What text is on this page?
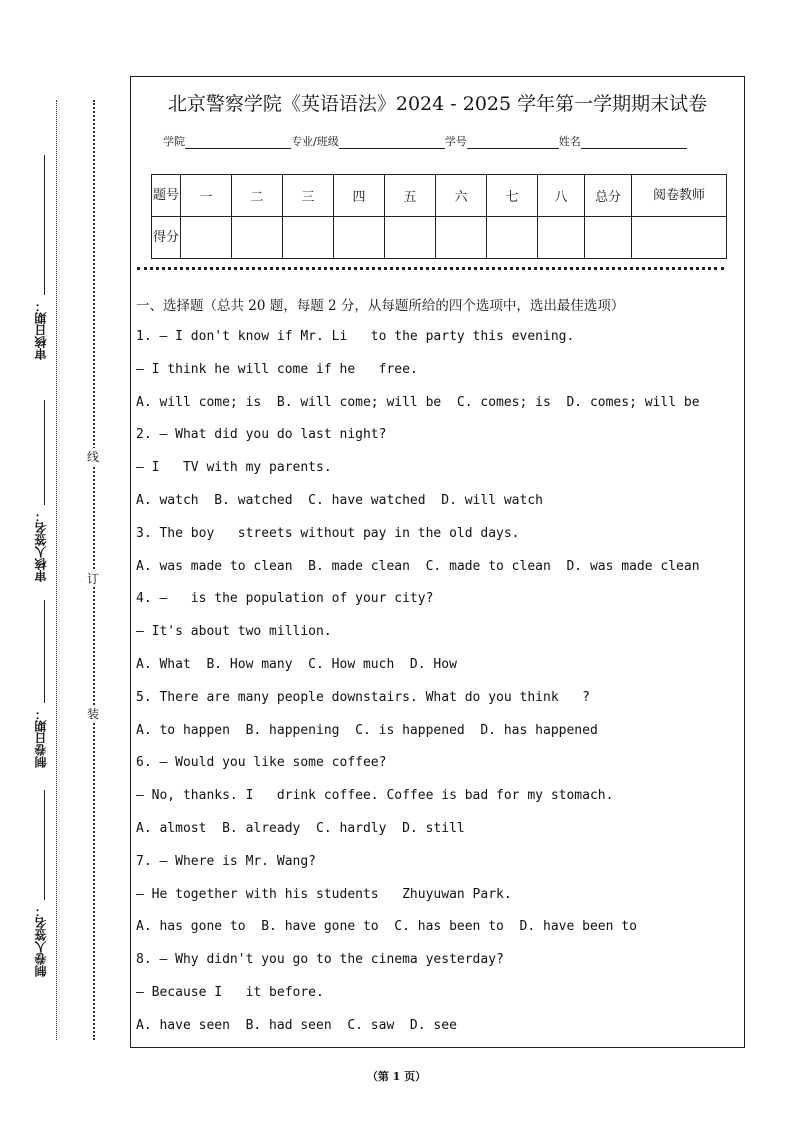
审核日期：
审核人签名：
制卷日期：
制卷人签名：
线
订
装
北京警察学院《英语语法》2024 - 2025 学年第一学期期末试卷
学院	专业/班级	学号	姓名
题号	一	二	三	四	五	六	七	八	总分	阅卷教师
得分										
一、选择题（总共 20 题，每题 2 分，从每题所给的四个选项中，选出最佳选项）
1. — I don't know if Mr. Li   to the party this evening.
— I think he will come if he   free.
A. will come; is  B. will come; will be  C. comes; is  D. comes; will be
2. — What did you do last night?
— I   TV with my parents.
A. watch  B. watched  C. have watched  D. will watch
3. The boy   streets without pay in the old days.
A. was made to clean  B. made clean  C. made to clean  D. was made clean
4. —   is the population of your city?
— It's about two million.
A. What  B. How many  C. How much  D. How
5. There are many people downstairs. What do you think   ?
A. to happen  B. happening  C. is happened  D. has happened
6. — Would you like some coffee?
— No, thanks. I   drink coffee. Coffee is bad for my stomach.
A. almost  B. already  C. hardly  D. still
7. — Where is Mr. Wang?
— He together with his students   Zhuyuwan Park.
A. has gone to  B. have gone to  C. has been to  D. have been to
8. — Why didn't you go to the cinema yesterday?
— Because I   it before.
A. have seen  B. had seen  C. saw  D. see
（第 1 页）
